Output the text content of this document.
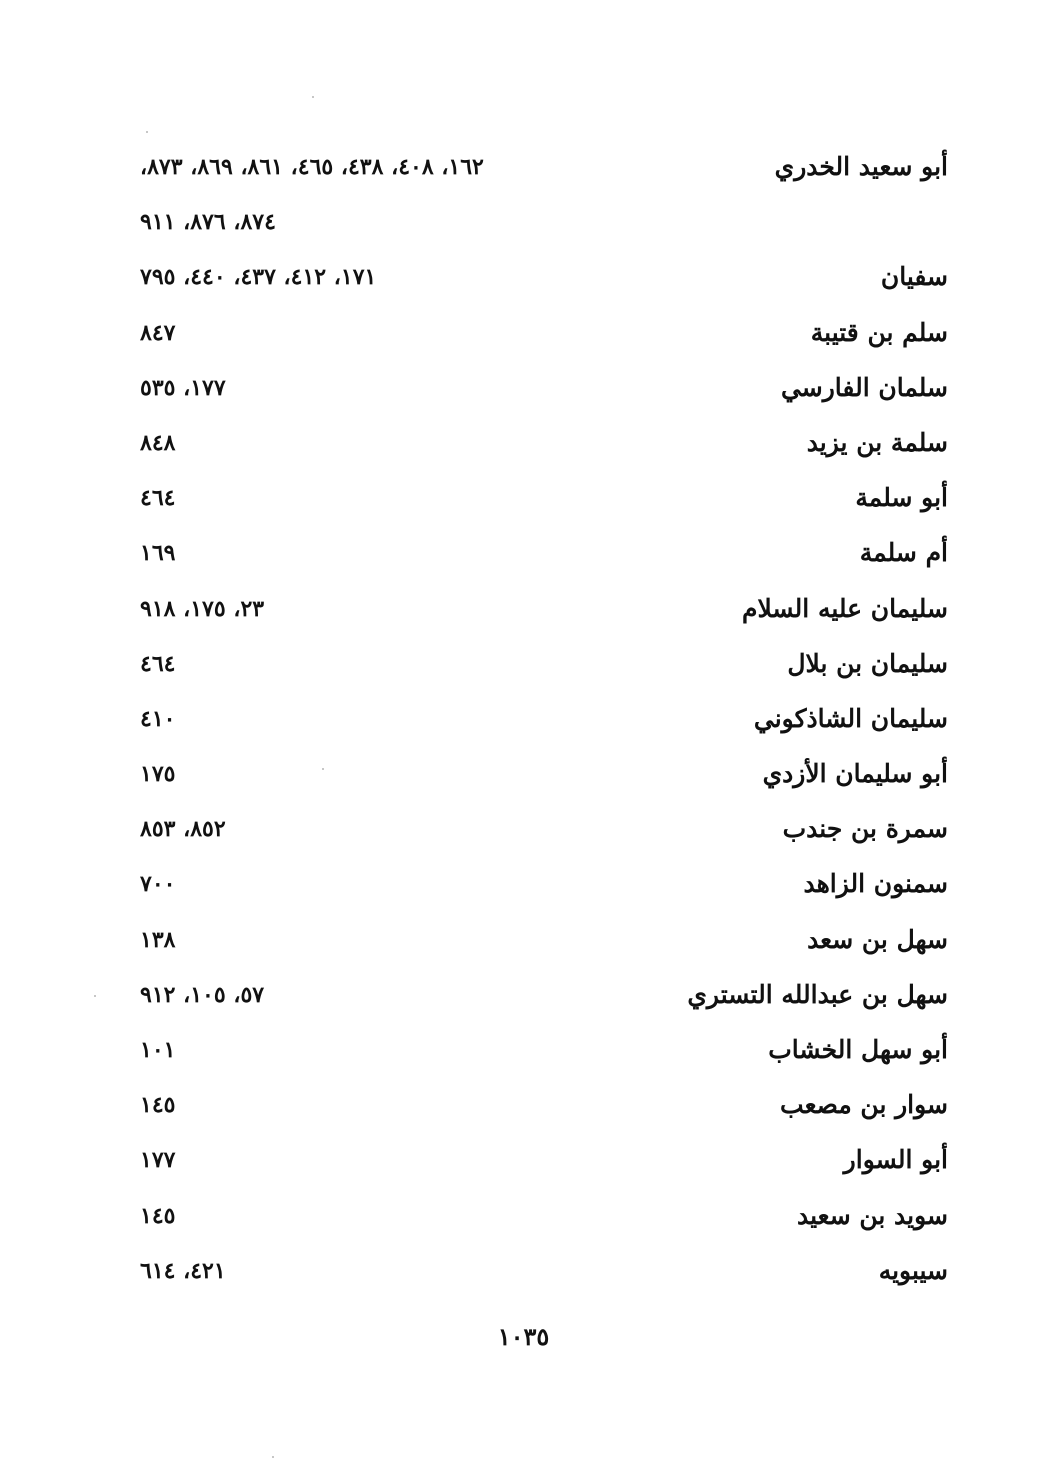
أبو سعيد الخدري
١٦٢، ٤٠٨، ٤٣٨، ٤٦٥، ٨٦١، ٨٦٩، ٨٧٣،
٨٧٤، ٨٧٦، ٩١١
سفيان
١٧١، ٤١٢، ٤٣٧، ٤٤٠، ٧٩٥
سلم بن قتيبة
٨٤٧
سلمان الفارسي
١٧٧، ٥٣٥
سلمة بن يزيد
٨٤٨
أبو سلمة
٤٦٤
أم سلمة
١٦٩
سليمان عليه السلام
٢٣، ١٧٥، ٩١٨
سليمان بن بلال
٤٦٤
سليمان الشاذكوني
٤١٠
أبو سليمان الأزدي
١٧٥
سمرة بن جندب
٨٥٢، ٨٥٣
سمنون الزاهد
٧٠٠
سهل بن سعد
١٣٨
سهل بن عبدالله التستري
٥٧، ١٠٥، ٩١٢
أبو سهل الخشاب
١٠١
سوار بن مصعب
١٤٥
أبو السوار
١٧٧
سويد بن سعيد
١٤٥
سيبويه
٤٢١، ٦١٤
١٠٣٥
